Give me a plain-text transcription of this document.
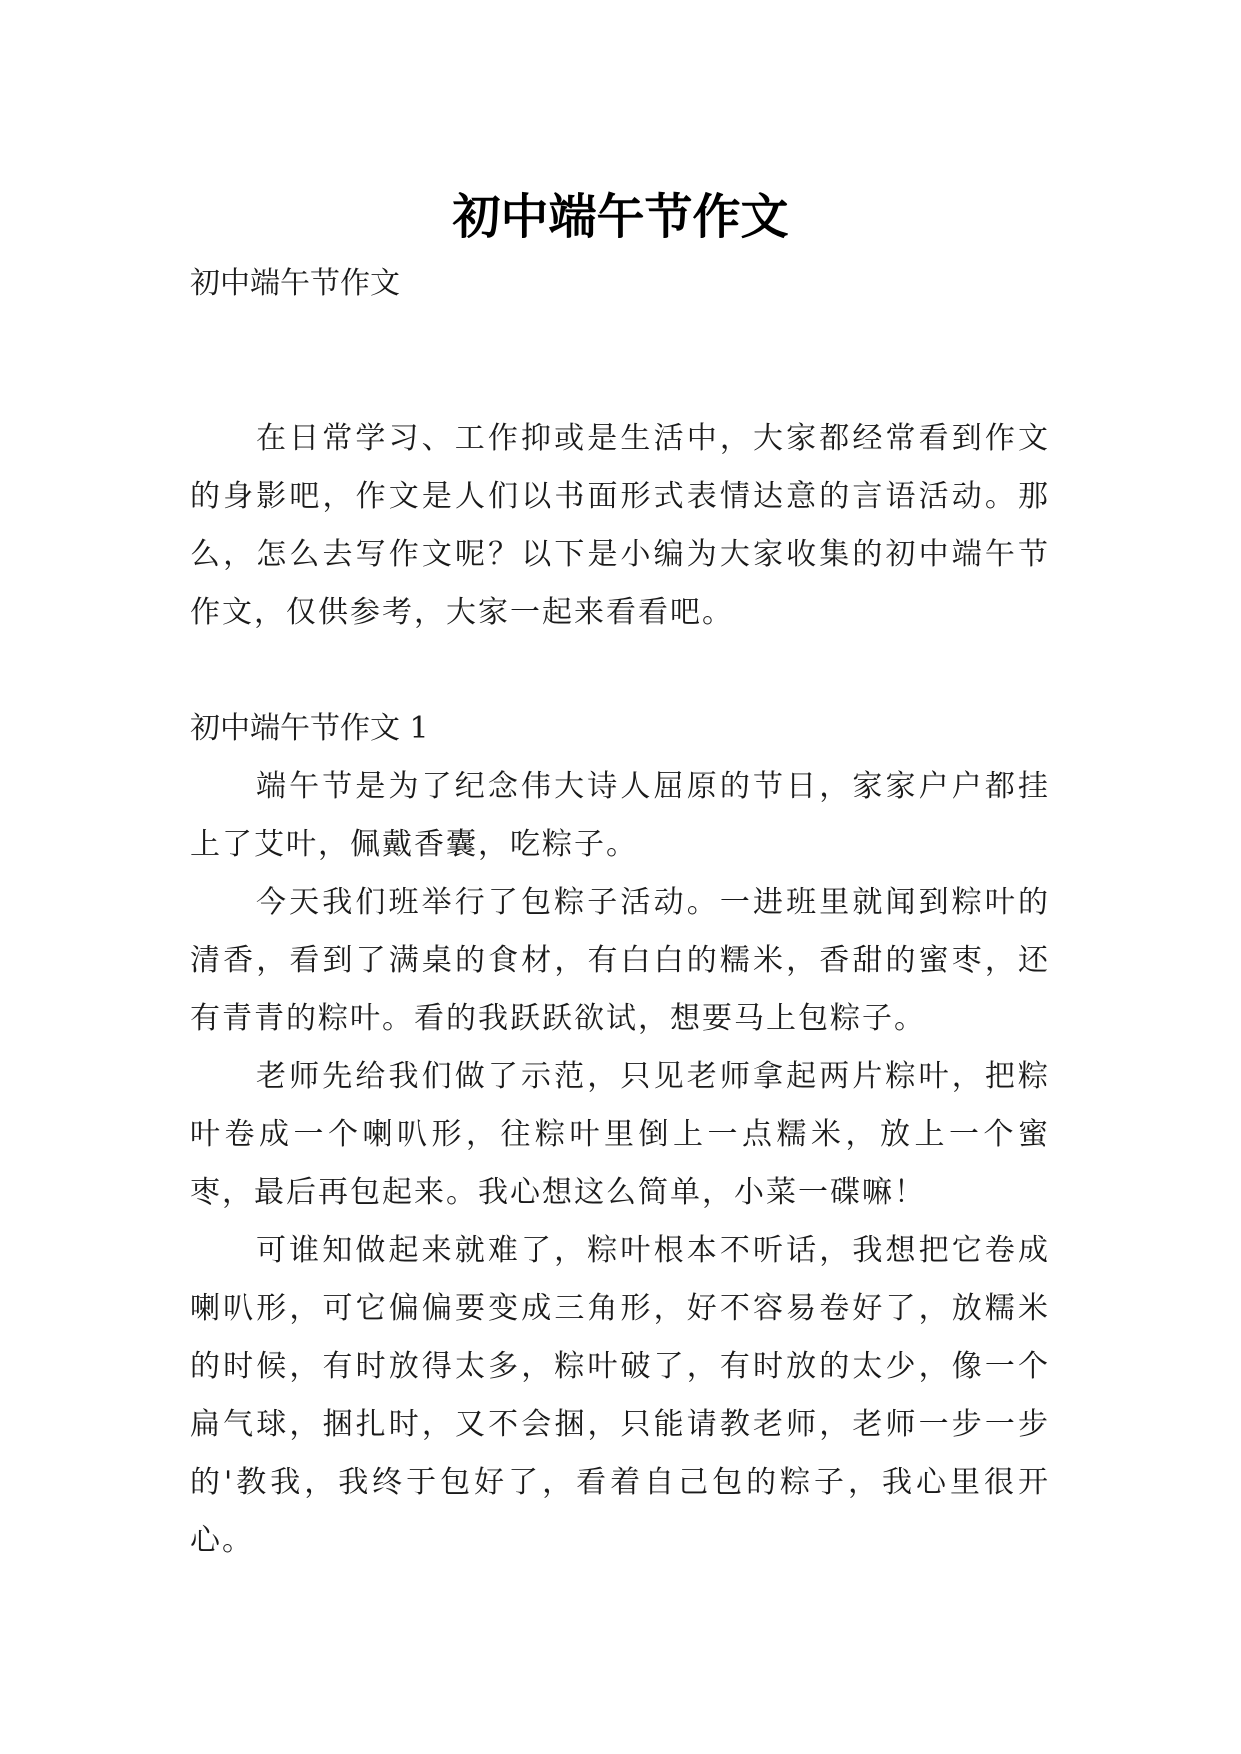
初中端午节作文

初中端午节作文

在日常学习、工作抑或是生活中，大家都经常看到作文的身影吧，作文是人们以书面形式表情达意的言语活动。那么，怎么去写作文呢？以下是小编为大家收集的初中端午节作文，仅供参考，大家一起来看看吧。

初中端午节作文 1

端午节是为了纪念伟大诗人屈原的节日，家家户户都挂上了艾叶，佩戴香囊，吃粽子。

今天我们班举行了包粽子活动。一进班里就闻到粽叶的清香，看到了满桌的食材，有白白的糯米，香甜的蜜枣，还有青青的粽叶。看的我跃跃欲试，想要马上包粽子。

老师先给我们做了示范，只见老师拿起两片粽叶，把粽叶卷成一个喇叭形，往粽叶里倒上一点糯米，放上一个蜜枣，最后再包起来。我心想这么简单，小菜一碟嘛！

可谁知做起来就难了，粽叶根本不听话，我想把它卷成喇叭形，可它偏偏要变成三角形，好不容易卷好了，放糯米的时候，有时放得太多，粽叶破了，有时放的太少，像一个扁气球，捆扎时，又不会捆，只能请教老师，老师一步一步的'教我，我终于包好了，看着自己包的粽子，我心里很开心。
